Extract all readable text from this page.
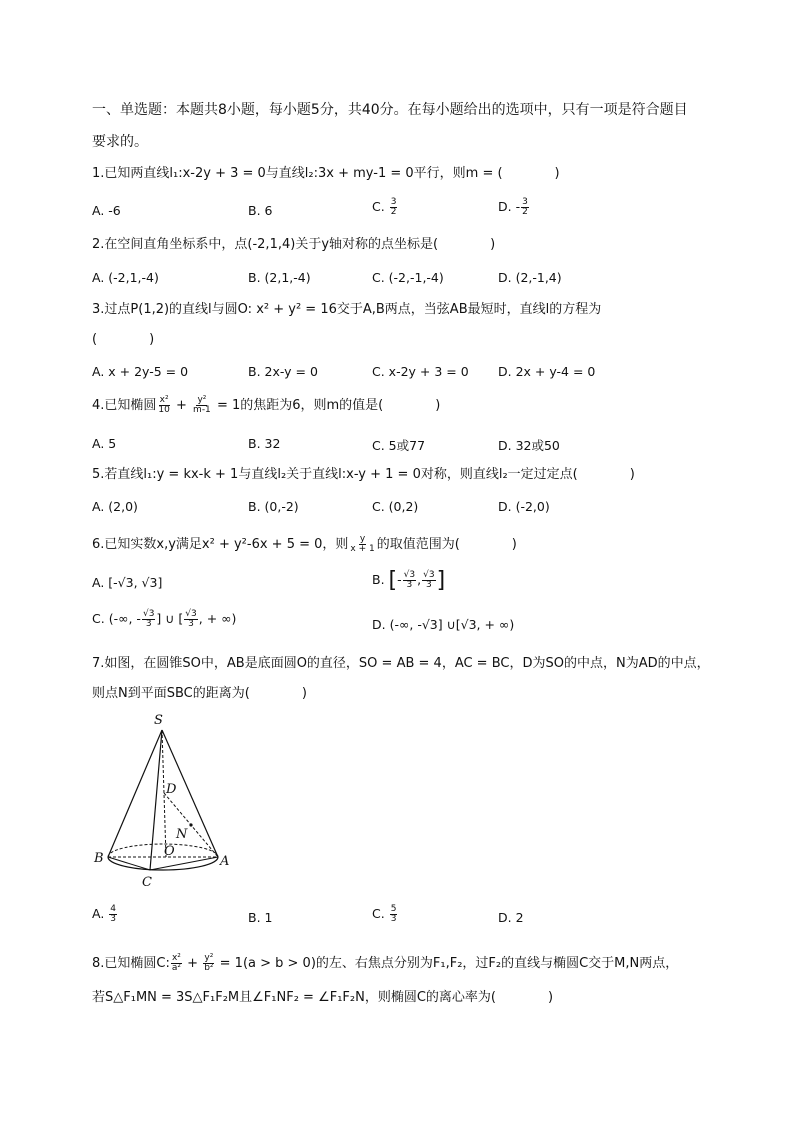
一、单选题：本题共8小题，每小题5分，共40分。在每小题给出的选项中，只有一项是符合题目
要求的。
1.已知两直线l₁:x-2y + 3 = 0与直线l₂:3x + my-1 = 0平行，则m = (　　　　)
A. -6	B. 6	C. $\frac{3}{2}$	D. - $\frac{3}{2}$
2.在空间直角坐标系中，点(-2,1,4)关于y轴对称的点坐标是(　　　　)
A. (-2,1,-4)	B. (2,1,-4)	C. (-2,-1,-4)	D. (2,-1,4)
3.过点P(1,2)的直线l与圆O: x² + y² = 16交于A,B两点，当弦AB最短时，直线l的方程为
(　　　　)
A. x + 2y-5 = 0	B. 2x-y = 0	C. x-2y + 3 = 0 D. 2x + y-4 = 0
4.已知椭圆 $\frac{\text{x²}}{10} + \frac{\text{y²}}{m-1} = 1$的焦距为6，则m的值是(　　　　)
A. 5	B. 32	C. 5或77	D. 32或50
5.若直线l₁:y = kx-k + 1与直线l₂关于直线l:x-y + 1 = 0对称，则直线l₂一定过定点(　　　　)
A. (2,0)	B. (0,-2)	C. (0,2)	D. (-2,0)
6.已知实数x,y满足x² + y²-6x + 5 = 0，则 $\frac{y}{x + 1}$ 的取值范围为(　　　　)
A. [-√3, √3]	B. [- $\frac{√3}{3}$ , $\frac{√3}{3}$ ]
C. (-∞, - $\frac{√3}{3}$ ] ∪ [ $\frac{√3}{3}$ , + ∞)	D. (-∞, -√3] ∪[√3, + ∞)
7.如图，在圆锥SO中，AB是底面圆O的直径，SO = AB = 4，AC = BC，D为SO的中点，N为AD的中点，
则点N到平面SBC的距离为(　　　　)
S
D
N
O
B	A
C
A. $\frac{4}{3}$	B. 1	C. $\frac{5}{3}$	D. 2
8.已知椭圆C: $\frac{\text{x²}}{\text{a²}} + \frac{\text{y²}}{\text{b²}} = 1(a > b > 0)$的左、右焦点分别为F₁,F₂，过F₂的直线与椭圆C交于M,N两点，
若S△F₁MN = 3S△F₁F₂M且∠F₁NF₂ = ∠F₁F₂N，则椭圆C的离心率为(　　　　)
